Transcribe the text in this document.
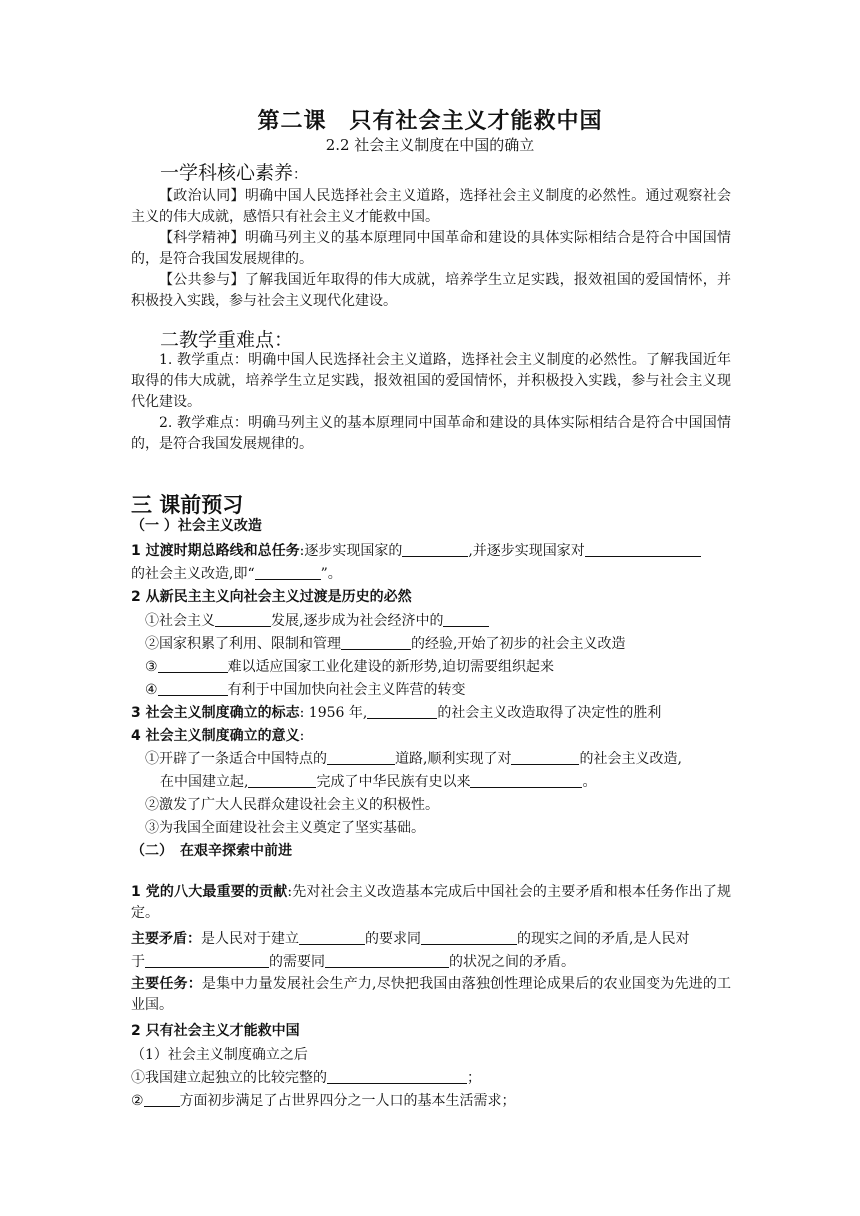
第二课　只有社会主义才能救中国
2.2 社会主义制度在中国的确立
一学科核心素养：
【政治认同】明确中国人民选择社会主义道路，选择社会主义制度的必然性。通过观察社会主义的伟大成就，感悟只有社会主义才能救中国。
【科学精神】明确马列主义的基本原理同中国革命和建设的具体实际相结合是符合中国国情的，是符合我国发展规律的。
【公共参与】了解我国近年取得的伟大成就，培养学生立足实践，报效祖国的爱国情怀，并积极投入实践，参与社会主义现代化建设。
二教学重难点：
1. 教学重点：明确中国人民选择社会主义道路，选择社会主义制度的必然性。了解我国近年取得的伟大成就，培养学生立足实践，报效祖国的爱国情怀，并积极投入实践，参与社会主义现代化建设。
2. 教学难点：明确马列主义的基本原理同中国革命和建设的具体实际相结合是符合中国国情的，是符合我国发展规律的。
三 课前预习
（一 ）社会主义改造
1 过渡时期总路线和总任务:逐步实现国家的	,并逐步实现国家对
的社会主义改造,即“	”。
2 从新民主主义向社会主义过渡是历史的必然
①社会主义	发展,逐步成为社会经济中的
②国家积累了利用、限制和管理	的经验,开始了初步的社会主义改造
③	难以适应国家工业化建设的新形势,迫切需要组织起来
④	有利于中国加快向社会主义阵营的转变
3 社会主义制度确立的标志: 1956 年,	的社会主义改造取得了决定性的胜利
4 社会主义制度确立的意义:
①开辟了一条适合中国特点的	道路,顺利实现了对	的社会主义改造,
在中国建立起,	完成了中华民族有史以来	。
②激发了广大人民群众建设社会主义的积极性。
③为我国全面建设社会主义奠定了坚实基础。
（二）　在艰辛探索中前进
1 党的八大最重要的贡献:先对社会主义改造基本完成后中国社会的主要矛盾和根本任务作出了规定。
主要矛盾：是人民对于建立	的要求同	的现实之间的矛盾,是人民对
于	的需要同	的状况之间的矛盾。
主要任务：是集中力量发展社会生产力,尽快把我国由落独创性理论成果后的农业国变为先进的工业国。
2 只有社会主义才能救中国
（1）社会主义制度确立之后
①我国建立起独立的比较完整的	；
②	方面初步满足了占世界四分之一人口的基本生活需求；
